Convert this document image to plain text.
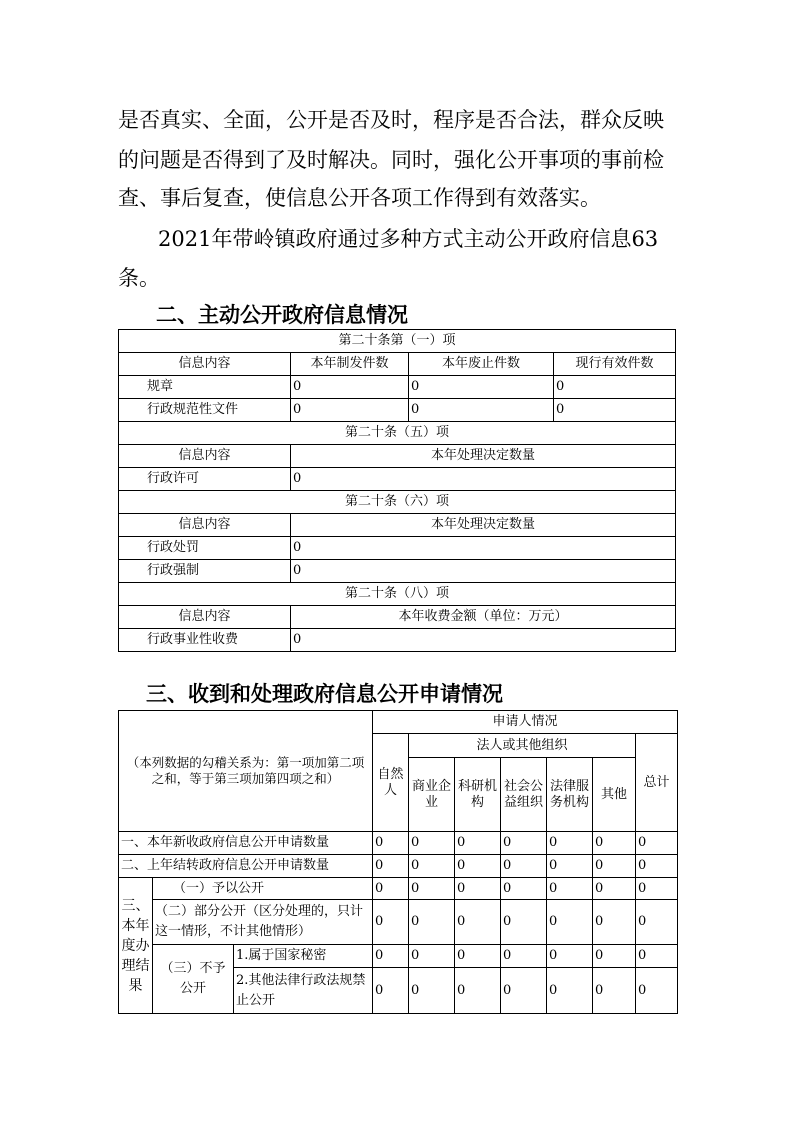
是否真实、全面，公开是否及时，程序是否合法，群众反映

的问题是否得到了及时解决。同时，强化公开事项的事前检

查、事后复查，使信息公开各项工作得到有效落实。

2021年带岭镇政府通过多种方式主动公开政府信息63

条。

二、主动公开政府信息情况
第二十条第（一）项			
信息内容	本年制发件数	本年废止件数	现行有效件数
规章	0	0	0
行政规范性文件	0	0	0
第二十条（五）项			
信息内容	本年处理决定数量		
行政许可	0		
第二十条（六）项			
信息内容	本年处理决定数量		
行政处罚	0		
行政强制	0		
第二十条（八）项			
信息内容	本年收费金额（单位：万元）		
行政事业性收费	0		
三、收到和处理政府信息公开申请情况
（本列数据的勾稽关系为：第一项加第二项之和，等于第三项加第四项之和）			申请人情况						
			自然人	法人或其他组织					总计
				商业企业	科研机构	社会公益组织	法律服务机构	其他	
一、本年新收政府信息公开申请数量			0	0	0	0	0	0	0
二、上年结转政府信息公开申请数量			0	0	0	0	0	0	0
三、本年度办理结果	（一）予以公开		0	0	0	0	0	0	0
	（二）部分公开（区分处理的，只计这一情形，不计其他情形）		0	0	0	0	0	0	0
	（三）不予公开	1.属于国家秘密	0	0	0	0	0	0	0
		2.其他法律行政法规禁止公开	0	0	0	0	0	0	0
